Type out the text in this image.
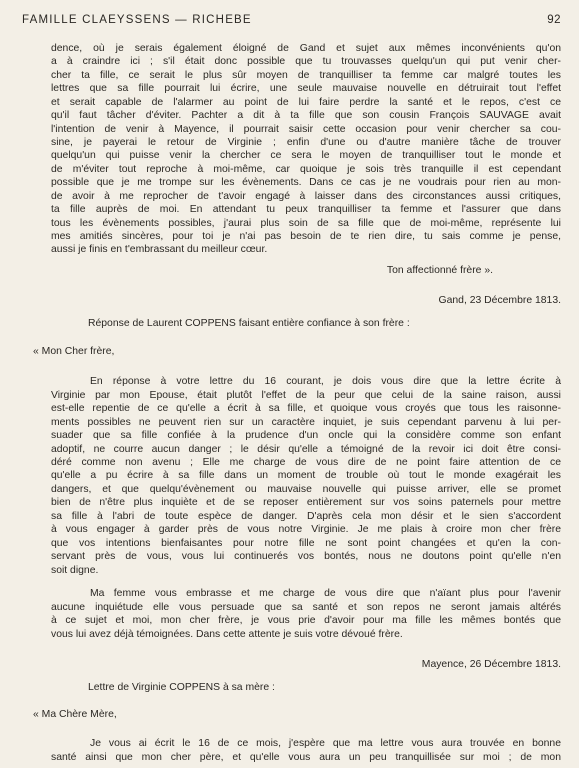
FAMILLE CLAEYSSENS — RICHEBE	92
dence, où je serais également éloigné de Gand et sujet aux mêmes inconvénients qu'on
a à craindre ici ; s'il était donc possible que tu trouvasses quelqu'un qui put venir cher-
cher ta fille, ce serait le plus sûr moyen de tranquilliser ta femme car malgré toutes les
lettres que sa fille pourrait lui écrire, une seule mauvaise nouvelle en détruirait tout l'effet
et serait capable de l'alarmer au point de lui faire perdre la santé et le repos, c'est ce
qu'il faut tâcher d'éviter. Pachter a dit à ta fille que son cousin François SAUVAGE avait
l'intention de venir à Mayence, il pourrait saisir cette occasion pour venir chercher sa cou-
sine, je payerai le retour de Virginie ; enfin d'une ou d'autre manière tâche de trouver
quelqu'un qui puisse venir la chercher ce sera le moyen de tranquilliser tout le monde et
de m'éviter tout reproche à moi-même, car quoique je sois très tranquille il est cependant
possible que je me trompe sur les évènements. Dans ce cas je ne voudrais pour rien au mon-
de avoir à me reprocher de t'avoir engagé à laisser dans des circonstances aussi critiques,
ta fille auprès de moi. En attendant tu peux tranquilliser ta femme et l'assurer que dans
tous les évènements possibles, j'aurai plus soin de sa fille que de moi-même, représente lui
mes amitiés sincères, pour toi je n'ai pas besoin de te rien dire, tu sais comme je pense,
aussi je finis en t'embrassant du meilleur cœur.
Ton affectionné frère ».
Gand, 23 Décembre 1813.
Réponse de Laurent COPPENS faisant entière confiance à son frère :
« Mon Cher frère,
En réponse à votre lettre du 16 courant, je dois vous dire que la lettre écrite à
Virginie par mon Epouse, était plutôt l'effet de la peur que celui de la saine raison, aussi
est-elle repentie de ce qu'elle a écrit à sa fille, et quoique vous croyés que tous les raisonne-
ments possibles ne peuvent rien sur un caractère inquiet, je suis cependant parvenu à lui per-
suader que sa fille confiée à la prudence d'un oncle qui la considère comme son enfant
adoptif, ne courre aucun danger ; le désir qu'elle a témoigné de la revoir ici doit être consi-
déré comme non avenu ; Elle me charge de vous dire de ne point faire attention de ce
qu'elle a pu écrire à sa fille dans un moment de trouble où tout le monde exagérait les
dangers, et que quelqu'évènement ou mauvaise nouvelle qui puisse arriver, elle se promet
bien de n'être plus inquiète et de se reposer entièrement sur vos soins paternels pour mettre
sa fille à l'abri de toute espèce de danger. D'après cela mon désir et le sien s'accordent
à vous engager à garder près de vous notre Virginie. Je me plais à croire mon cher frère
que vos intentions bienfaisantes pour notre fille ne sont point changées et qu'en la con-
servant près de vous, vous lui continuerés vos bontés, nous ne doutons point qu'elle n'en
soit digne.
Ma femme vous embrasse et me charge de vous dire que n'aïant plus pour l'avenir
aucune inquiétude elle vous persuade que sa santé et son repos ne seront jamais altérés
à ce sujet et moi, mon cher frère, je vous prie d'avoir pour ma fille les mêmes bontés que
vous lui avez déjà témoignées. Dans cette attente je suis votre dévoué frère.
Mayence, 26 Décembre 1813.
Lettre de Virginie COPPENS à sa mère :
« Ma Chère Mère,
Je vous ai écrit le 16 de ce mois, j'espère que ma lettre vous aura trouvée en bonne
santé ainsi que mon cher père, et qu'elle vous aura un peu tranquillisée sur moi ; de mon
